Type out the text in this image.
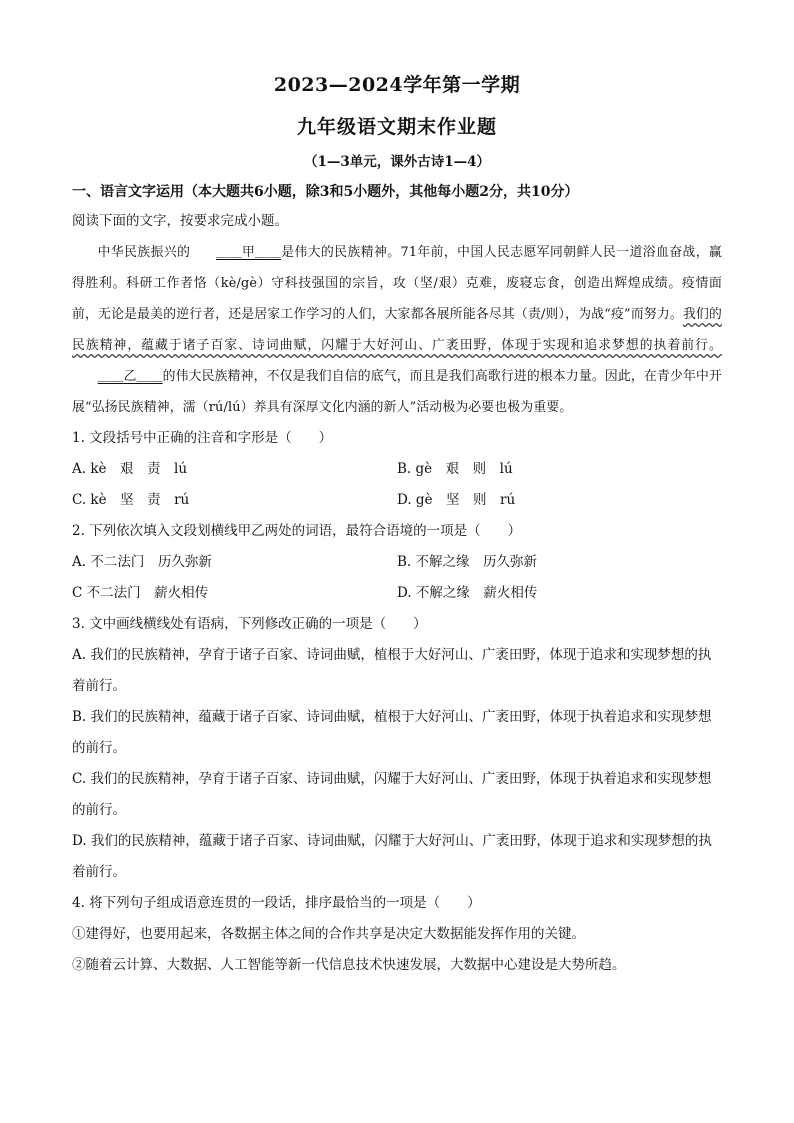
2023—2024学年第一学期
九年级语文期末作业题
（1—3单元，课外古诗1—4）
一、语言文字运用（本大题共6小题，除3和5小题外，其他每小题2分，共10分）
阅读下面的文字，按要求完成小题。
中华民族振兴的 ＿＿甲＿＿是伟大的民族精神。71年前，中国人民志愿军同朝鲜人民一道浴血奋战，赢得胜利。科研工作者恪（kè/gè）守科技强国的宗旨，攻（坚/艰）克难，废寝忘食，创造出辉煌成绩。疫情面前，无论是最美的逆行者，还是居家工作学习的人们，大家都各展所能各尽其（责/则），为战“疫”而努力。我们的民族精神，蕴藏于诸子百家、诗词曲赋，闪耀于大好河山、广袤田野，体现于实现和追求梦想的执着前行。＿＿乙＿＿的伟大民族精神，不仅是我们自信的底气，而且是我们高歌行进的根本力量。因此，在青少年中开展“弘扬民族精神，濡（rú/lú）养具有深厚文化内涵的新人”活动极为必要也极为重要。
1. 文段括号中正确的注音和字形是（　　）
A. kè　艰　责　lú	B. gè　艰　则　lú
C. kè　坚　责　rú	D. gè　坚　则　rú
2. 下列依次填入文段划横线甲乙两处的词语，最符合语境的一项是（　　）
A. 不二法门　历久弥新	B. 不解之缘　历久弥新
C 不二法门　薪火相传	D. 不解之缘　薪火相传
3. 文中画线横线处有语病，下列修改正确的一项是（　　）
A. 我们的民族精神，孕育于诸子百家、诗词曲赋，植根于大好河山、广袤田野，体现于追求和实现梦想的执着前行。
B. 我们的民族精神，蕴藏于诸子百家、诗词曲赋，植根于大好河山、广袤田野，体现于执着追求和实现梦想的前行。
C. 我们的民族精神，孕育于诸子百家、诗词曲赋，闪耀于大好河山、广袤田野，体现于执着追求和实现梦想的前行。
D. 我们的民族精神，蕴藏于诸子百家、诗词曲赋，闪耀于大好河山、广袤田野，体现于追求和实现梦想的执着前行。
4. 将下列句子组成语意连贯的一段话，排序最恰当的一项是（　　）
①建得好，也要用起来，各数据主体之间的合作共享是决定大数据能发挥作用的关键。
②随着云计算、大数据、人工智能等新一代信息技术快速发展，大数据中心建设是大势所趋。
